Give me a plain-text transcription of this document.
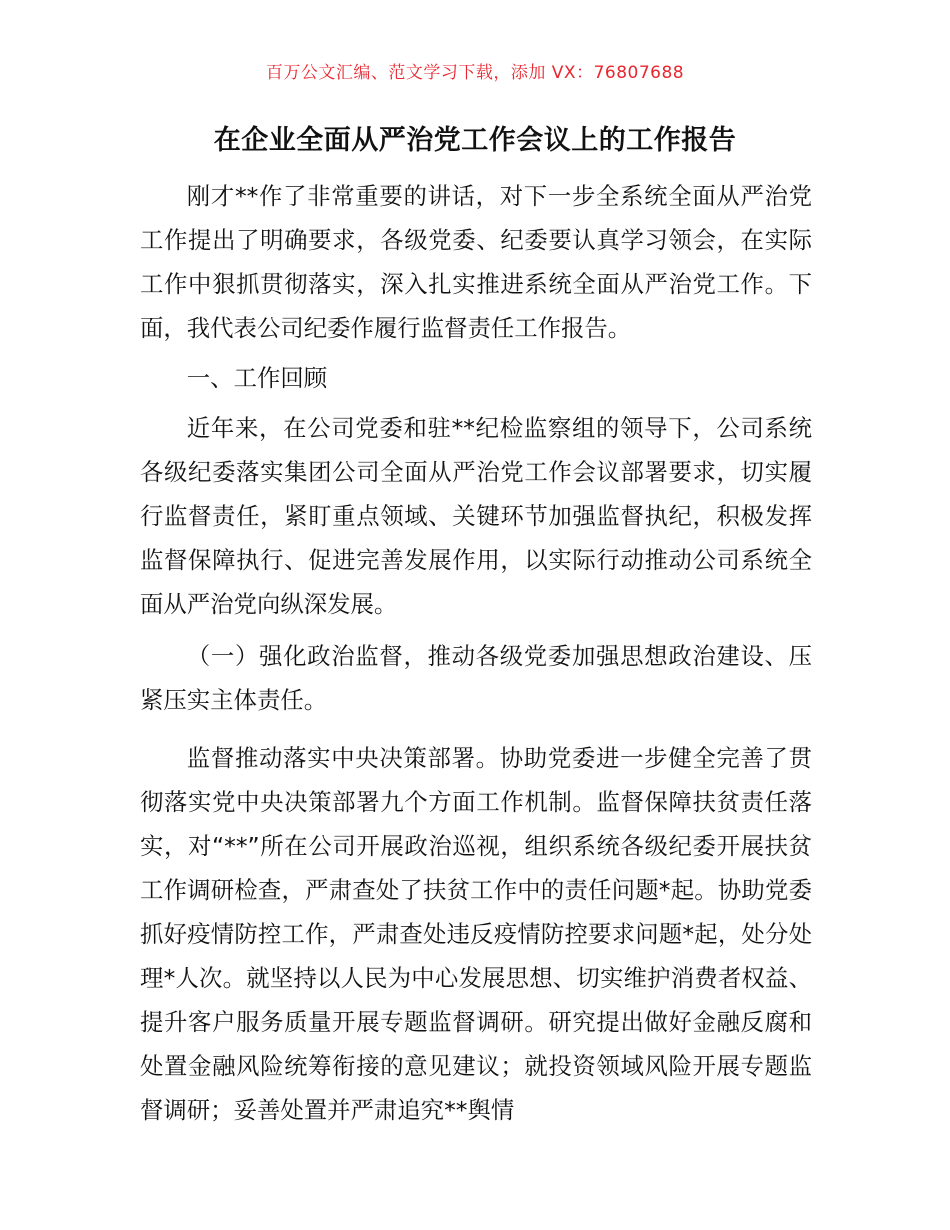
百万公文汇编、范文学习下载，添加 VX：76807688
在企业全面从严治党工作会议上的工作报告

刚才**作了非常重要的讲话，对下一步全系统全面从严治党工作提出了明确要求，各级党委、纪委要认真学习领会，在实际工作中狠抓贯彻落实，深入扎实推进系统全面从严治党工作。下面，我代表公司纪委作履行监督责任工作报告。

一、工作回顾

近年来，在公司党委和驻**纪检监察组的领导下，公司系统各级纪委落实集团公司全面从严治党工作会议部署要求，切实履行监督责任，紧盯重点领域、关键环节加强监督执纪，积极发挥监督保障执行、促进完善发展作用，以实际行动推动公司系统全面从严治党向纵深发展。

（一）强化政治监督，推动各级党委加强思想政治建设、压紧压实主体责任。

监督推动落实中央决策部署。协助党委进一步健全完善了贯彻落实党中央决策部署九个方面工作机制。监督保障扶贫责任落实，对“**”所在公司开展政治巡视，组织系统各级纪委开展扶贫工作调研检查，严肃查处了扶贫工作中的责任问题*起。协助党委抓好疫情防控工作，严肃查处违反疫情防控要求问题*起，处分处理*人次。就坚持以人民为中心发展思想、切实维护消费者权益、提升客户服务质量开展专题监督调研。研究提出做好金融反腐和处置金融风险统筹衔接的意见建议；就投资领域风险开展专题监督调研；妥善处置并严肃追究**舆情
